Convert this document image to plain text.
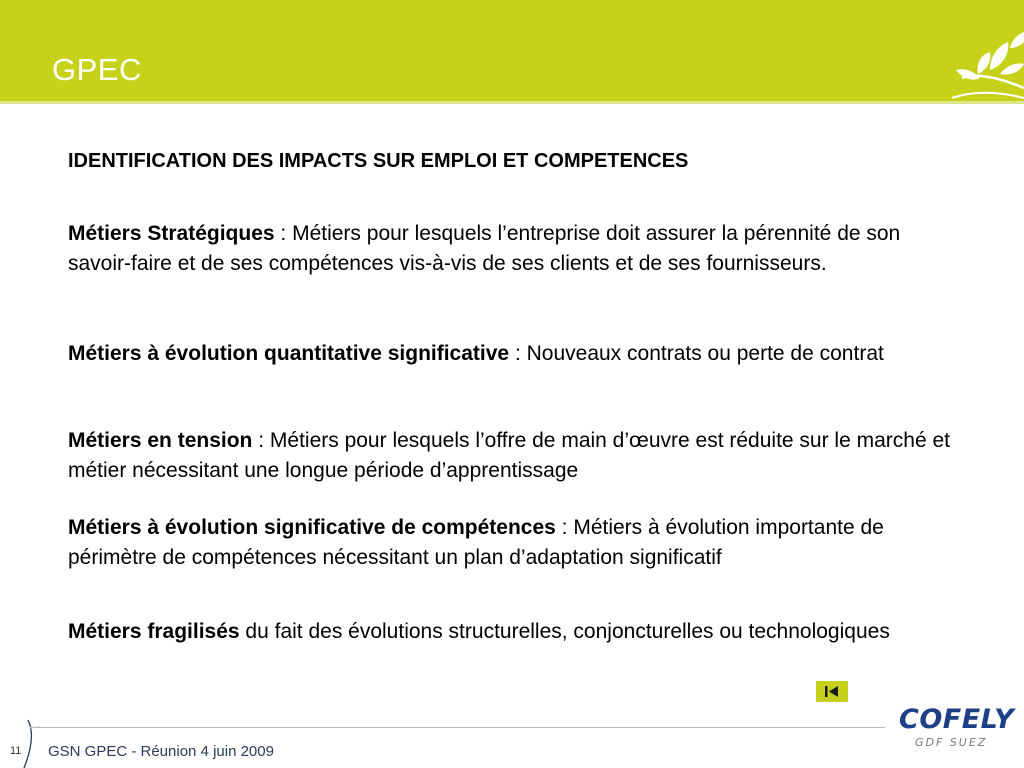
GPEC
IDENTIFICATION DES IMPACTS SUR EMPLOI ET COMPETENCES
Métiers Stratégiques : Métiers pour lesquels l’entreprise doit assurer la pérennité de son savoir-faire et de ses compétences vis-à-vis de ses clients et de ses fournisseurs.
Métiers à évolution quantitative significative : Nouveaux contrats ou perte de contrat
Métiers en tension : Métiers pour lesquels l’offre de main d’œuvre est réduite sur le marché et métier nécessitant une longue période d’apprentissage
Métiers à évolution significative de compétences : Métiers à évolution importante de périmètre de compétences nécessitant un plan d’adaptation significatif
Métiers fragilisés du fait des évolutions structurelles, conjoncturelles ou technologiques
11 GSN GPEC - Réunion 4 juin 2009
COFELY
GDF SUEZ
